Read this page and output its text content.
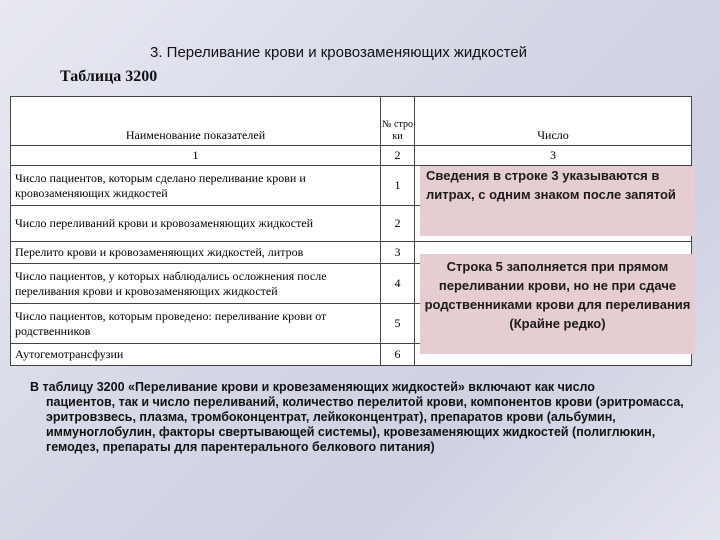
3. Переливание крови и кровозаменяющих жидкостей
Таблица 3200
Наименование показателей	№ стро ки	Число
1	2	3
Число пациентов, которым сделано переливание крови и кровозаменяющих жидкостей	1	
Число переливаний крови и кровозаменяющих жидкостей	2	
Перелито крови и кровозаменяющих жидкостей, литров	3	
Число пациентов, у которых наблюдались осложнения после переливания крови и кровозаменяющих жидкостей	4	
Число пациентов, которым проведено: переливание крови от родственников	5	
Аутогемотрансфузии	6	
Сведения в строке 3 указываются в литрах, с одним знаком после запятой
Строка 5 заполняется при прямом переливании крови, но не при сдаче родственниками крови для переливания (Крайне редко)

В таблицу 3200 «Переливание крови и кровезаменяющих жидкостей» включают как число

пациентов, так и число переливаний, количество перелитой крови, компонентов крови (эритромасса, эритровзвесь, плазма, тромбоконцентрат, лейкоконцентрат), препаратов крови (альбумин, иммуноглобулин, факторы свертывающей системы), кровезаменяющих жидкостей (полиглюкин, гемодез, препараты для парентерального белкового питания)
